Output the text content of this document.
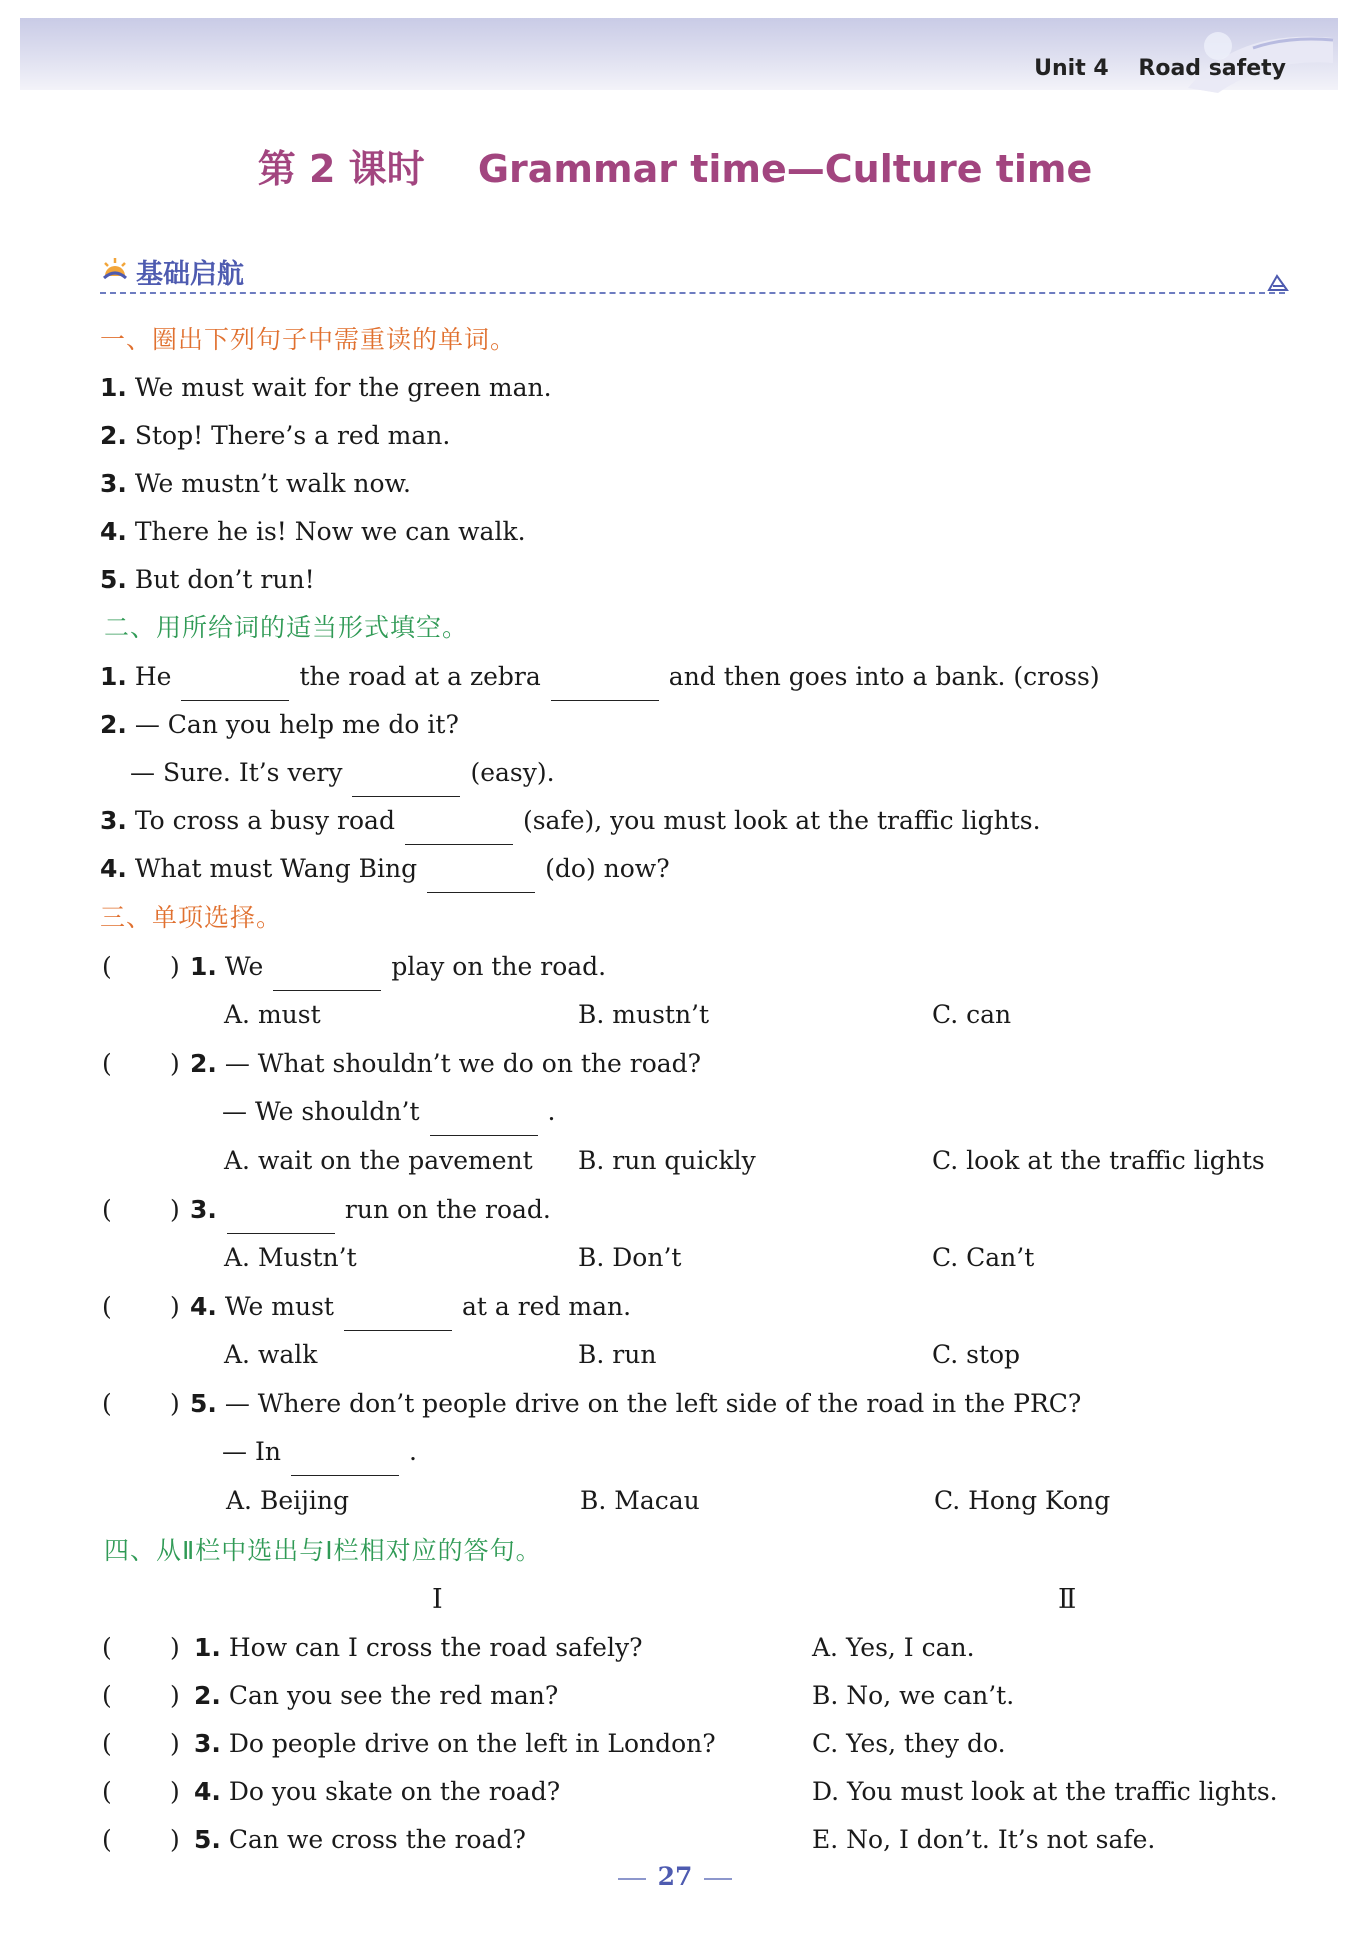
Unit 4 Road safety
第 2 课时 Grammar time—Culture time
基础启航
一、圈出下列句子中需重读的单词。
1. We must wait for the green man.
2. Stop! There’s a red man.
3. We mustn’t walk now.
4. There he is! Now we can walk.
5. But don’t run!
二、用所给词的适当形式填空。
1. He	the road at a zebra	and then goes into a bank. (cross)
2. — Can you help me do it?
— Sure. It’s very	(easy).
3. To cross a busy road	(safe), you must look at the traffic lights.
4. What must Wang Bing	(do) now?
三、单项选择。
( ) 1. We	play on the road.
A. must	B. mustn’t	C. can
( ) 2. — What shouldn’t we do on the road?
— We shouldn’t	.
A. wait on the pavement B. run quickly	C. look at the traffic lights
( ) 3.	run on the road.
A. Mustn’t	B. Don’t	C. Can’t
( ) 4. We must	at a red man.
A. walk	B. run	C. stop
( ) 5. — Where don’t people drive on the left side of the road in the PRC?
— In	.
A. Beijing	B. Macau	C. Hong Kong
四、从Ⅱ栏中选出与Ⅰ栏相对应的答句。
Ⅰ	Ⅱ
( ) 1. How can I cross the road safely?	A. Yes, I can.
( ) 2. Can you see the red man?	B. No, we can’t.
( ) 3. Do people drive on the left in London?	C. Yes, they do.
( ) 4. Do you skate on the road?	D. You must look at the traffic lights.
( ) 5. Can we cross the road?	E. No, I don’t. It’s not safe.
27
